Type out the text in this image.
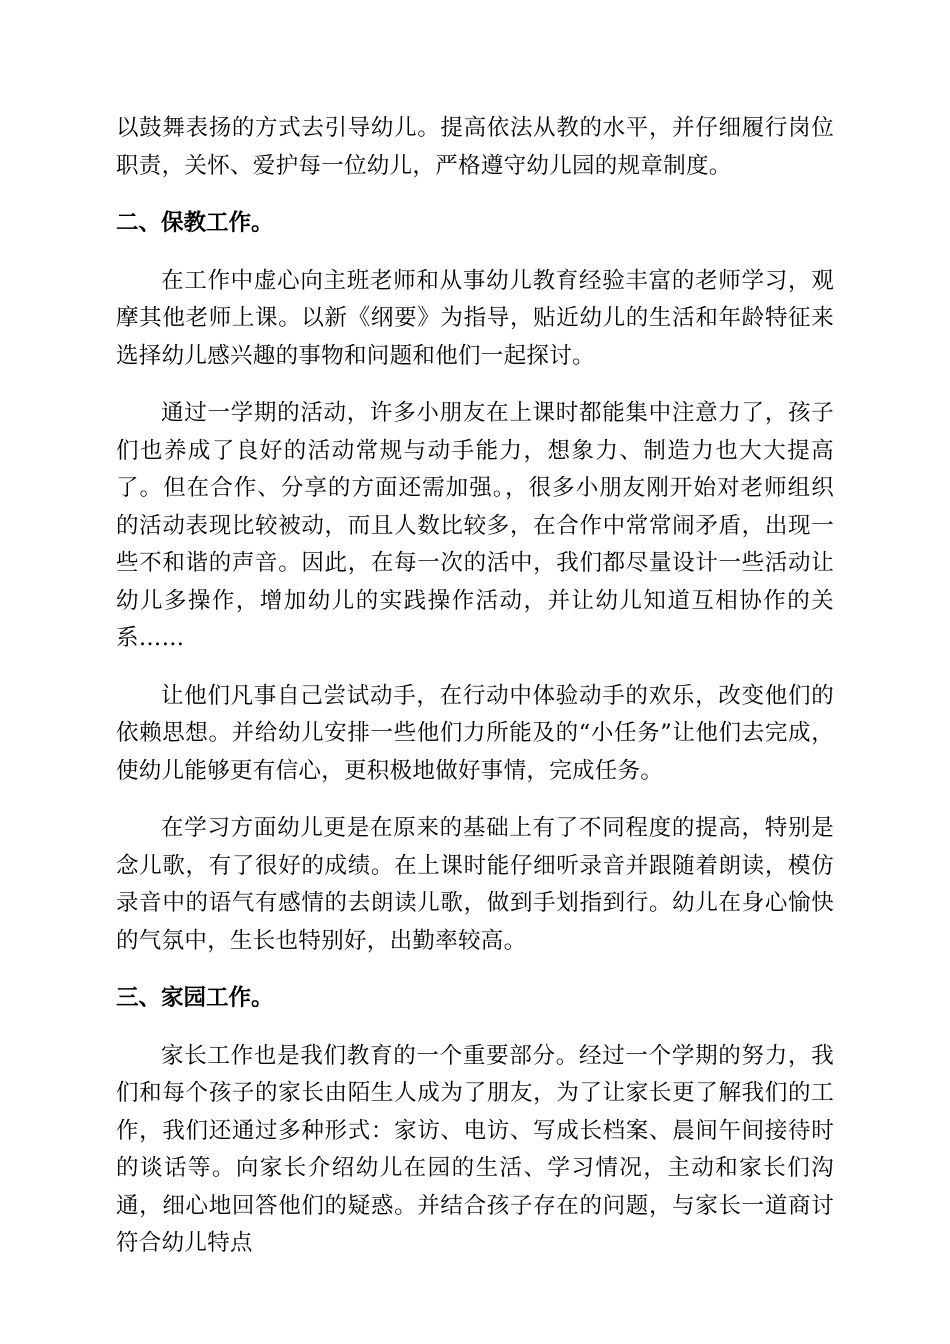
以鼓舞表扬的方式去引导幼儿。提高依法从教的水平，并仔细履行岗位职责，关怀、爱护每一位幼儿，严格遵守幼儿园的规章制度。

二、保教工作。

在工作中虚心向主班老师和从事幼儿教育经验丰富的老师学习，观摩其他老师上课。以新《纲要》为指导，贴近幼儿的生活和年龄特征来选择幼儿感兴趣的事物和问题和他们一起探讨。

通过一学期的活动，许多小朋友在上课时都能集中注意力了，孩子们也养成了良好的活动常规与动手能力，想象力、制造力也大大提高了。但在合作、分享的方面还需加强。，很多小朋友刚开始对老师组织的活动表现比较被动，而且人数比较多，在合作中常常闹矛盾，出现一些不和谐的声音。因此，在每一次的活中，我们都尽量设计一些活动让幼儿多操作，增加幼儿的实践操作活动，并让幼儿知道互相协作的关系……

让他们凡事自己尝试动手，在行动中体验动手的欢乐，改变他们的依赖思想。并给幼儿安排一些他们力所能及的“小任务”让他们去完成，使幼儿能够更有信心，更积极地做好事情，完成任务。

在学习方面幼儿更是在原来的基础上有了不同程度的提高，特别是念儿歌，有了很好的成绩。在上课时能仔细听录音并跟随着朗读，模仿录音中的语气有感情的去朗读儿歌，做到手划指到行。幼儿在身心愉快的气氛中，生长也特别好，出勤率较高。

三、家园工作。

家长工作也是我们教育的一个重要部分。经过一个学期的努力，我们和每个孩子的家长由陌生人成为了朋友，为了让家长更了解我们的工作，我们还通过多种形式：家访、电访、写成长档案、晨间午间接待时的谈话等。向家长介绍幼儿在园的生活、学习情况，主动和家长们沟通，细心地回答他们的疑惑。并结合孩子存在的问题，与家长一道商讨符合幼儿特点
